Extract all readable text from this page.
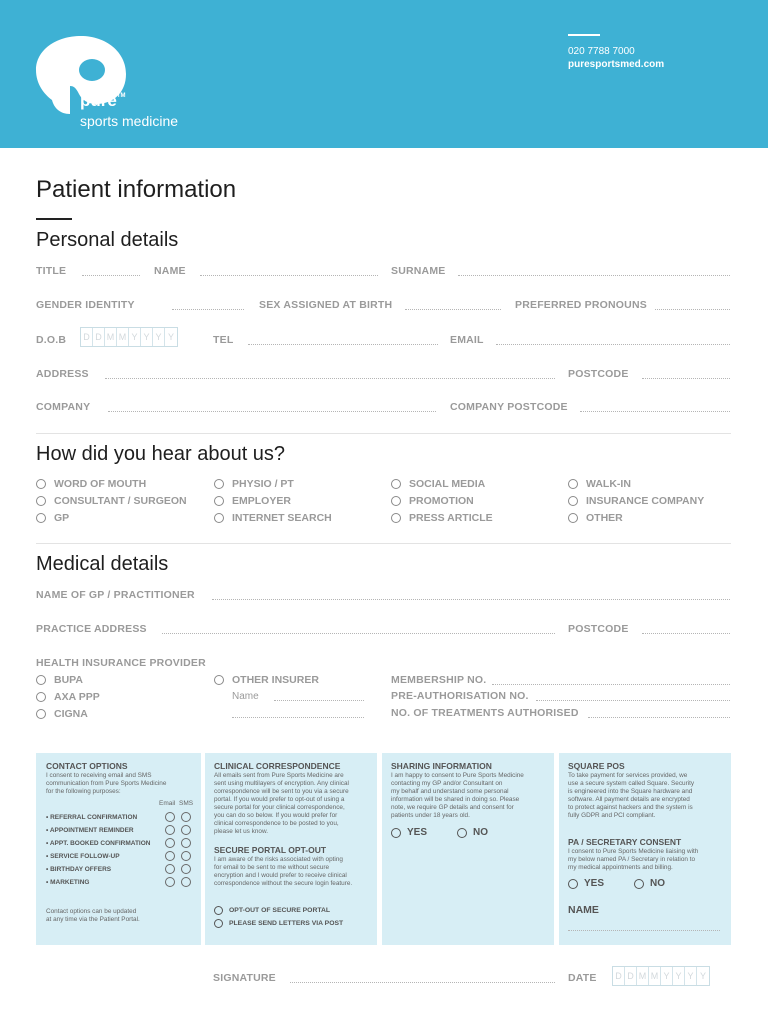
pure™
sports medicine
020 7788 7000
puresportsmed.com
Patient information
Personal details
TITLE	NAME	SURNAME
GENDER IDENTITY	SEX ASSIGNED AT BIRTH	PREFERRED PRONOUNS
D.O.B D D M M Y Y Y Y	TEL	EMAIL
ADDRESS	POSTCODE
COMPANY	COMPANY POSTCODE
How did you hear about us?
WORD OF MOUTH
CONSULTANT / SURGEON
GP
PHYSIO / PT
EMPLOYER
INTERNET SEARCH
SOCIAL MEDIA
PROMOTION
PRESS ARTICLE
WALK-IN
INSURANCE COMPANY
OTHER
Medical details
NAME OF GP / PRACTITIONER
PRACTICE ADDRESS	POSTCODE
HEALTH INSURANCE PROVIDER
BUPA
AXA PPP
CIGNA
OTHER INSURER
Name
MEMBERSHIP NO.
PRE-AUTHORISATION NO.
NO. OF TREATMENTS AUTHORISED
CONTACT OPTIONS
I consent to receiving email and SMS
communication from Pure Sports Medicine
for the following purposes:
Email SMS
• REFERRAL CONFIRMATION
• APPOINTMENT REMINDER
• APPT. BOOKED CONFIRMATION
• SERVICE FOLLOW-UP
• BIRTHDAY OFFERS
• MARKETING
Contact options can be updated
at any time via the Patient Portal.
CLINICAL CORRESPONDENCE
All emails sent from Pure Sports Medicine are
sent using multilayers of encryption. Any clinical
correspondence will be sent to you via a secure
portal. If you would prefer to opt-out of using a
secure portal for your clinical correspondence,
you can do so below. If you would prefer for
clinical correspondence to be posted to you,
please let us know.
SECURE PORTAL OPT-OUT
I am aware of the risks associated with opting
for email to be sent to me without secure
encryption and I would prefer to receive clinical
correspondence without the secure login feature.
OPT-OUT OF SECURE PORTAL
PLEASE SEND LETTERS VIA POST
SHARING INFORMATION
I am happy to consent to Pure Sports Medicine
contacting my GP and/or Consultant on
my behalf and understand some personal
information will be shared in doing so. Please
note, we require GP details and consent for
patients under 18 years old.
YES	NO
SQUARE POS
To take payment for services provided, we
use a secure system called Square. Security
is engineered into the Square hardware and
software. All payment details are encrypted
to protect against hackers and the system is
fully GDPR and PCI compliant.
PA / SECRETARY CONSENT
I consent to Pure Sports Medicine liaising with
my below named PA / Secretary in relation to
my medical appointments and billing.
YES	NO
NAME
SIGNATURE	DATE D D M M Y Y Y Y
